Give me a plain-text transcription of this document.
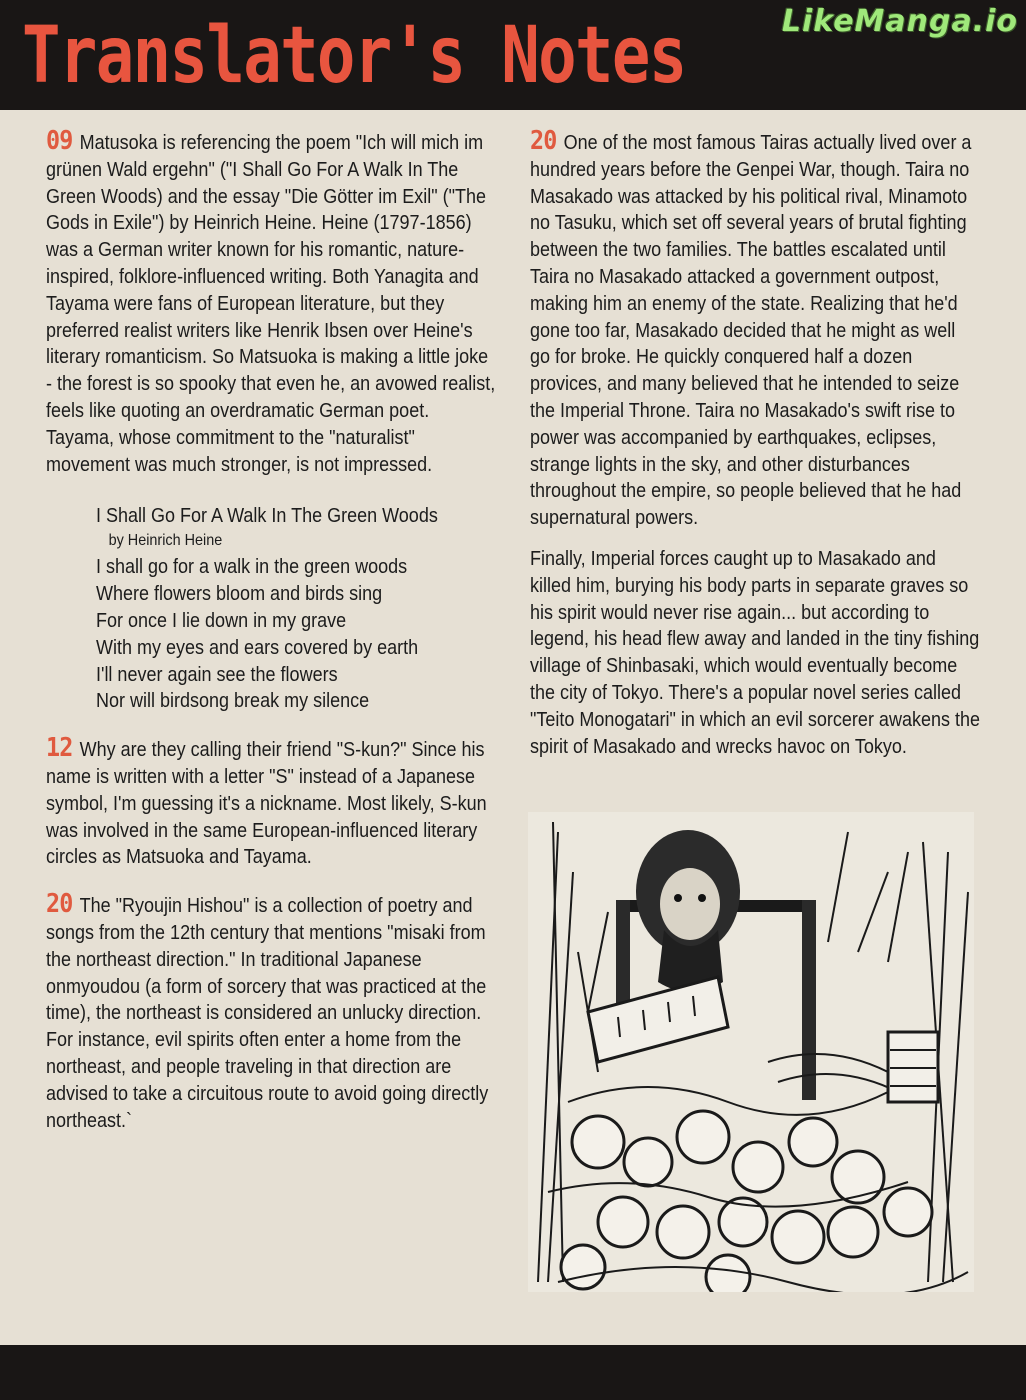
Translator's Notes	LikeManga.io

09 Matusoka is referencing the poem "Ich will mich im grünen Wald ergehn" ("I Shall Go For A Walk In The Green Woods) and the essay "Die Götter im Exil" ("The Gods in Exile") by Heinrich Heine. Heine (1797-1856) was a German writer known for his romantic, nature-inspired, folklore-influenced writing. Both Yanagita and Tayama were fans of European literature, but they preferred realist writers like Henrik Ibsen over Heine's literary romanticism. So Matsuoka is making a little joke - the forest is so spooky that even he, an avowed realist, feels like quoting an overdramatic German poet. Tayama, whose commitment to the "naturalist" movement was much stronger, is not impressed.

I Shall Go For A Walk In The Green Woods

by Heinrich Heine

I shall go for a walk in the green woods

Where flowers bloom and birds sing

For once I lie down in my grave

With my eyes and ears covered by earth

I'll never again see the flowers

Nor will birdsong break my silence

12 Why are they calling their friend "S-kun?" Since his name is written with a letter "S" instead of a Japanese symbol, I'm guessing it's a nickname. Most likely, S-kun was involved in the same European-influenced literary circles as Matsuoka and Tayama.

20 The "Ryoujin Hishou" is a collection of poetry and songs from the 12th century that mentions "misaki from the northeast direction." In traditional Japanese onmyoudou (a form of sorcery that was practiced at the time), the northeast is considered an unlucky direction. For instance, evil spirits often enter a home from the northeast, and people traveling in that direction are advised to take a circuitous route to avoid going directly northeast.`

20 One of the most famous Tairas actually lived over a hundred years before the Genpei War, though. Taira no Masakado was attacked by his political rival, Minamoto no Tasuku, which set off several years of brutal fighting between the two families. The battles escalated until Taira no Masakado attacked a government outpost, making him an enemy of the state. Realizing that he'd gone too far, Masakado decided that he might as well go for broke. He quickly conquered half a dozen provices, and many believed that he intended to seize the Imperial Throne. Taira no Masakado's swift rise to power was accompanied by earthquakes, eclipses, strange lights in the sky, and other disturbances throughout the empire, so people believed that he had supernatural powers.

Finally, Imperial forces caught up to Masakado and killed him, burying his body parts in separate graves so his spirit would never rise again... but according to legend, his head flew away and landed in the tiny fishing village of Shinbasaki, which would eventually become the city of Tokyo. There's a popular novel series called "Teito Monogatari" in which an evil sorcerer awakens the spirit of Masakado and wrecks havoc on Tokyo.
